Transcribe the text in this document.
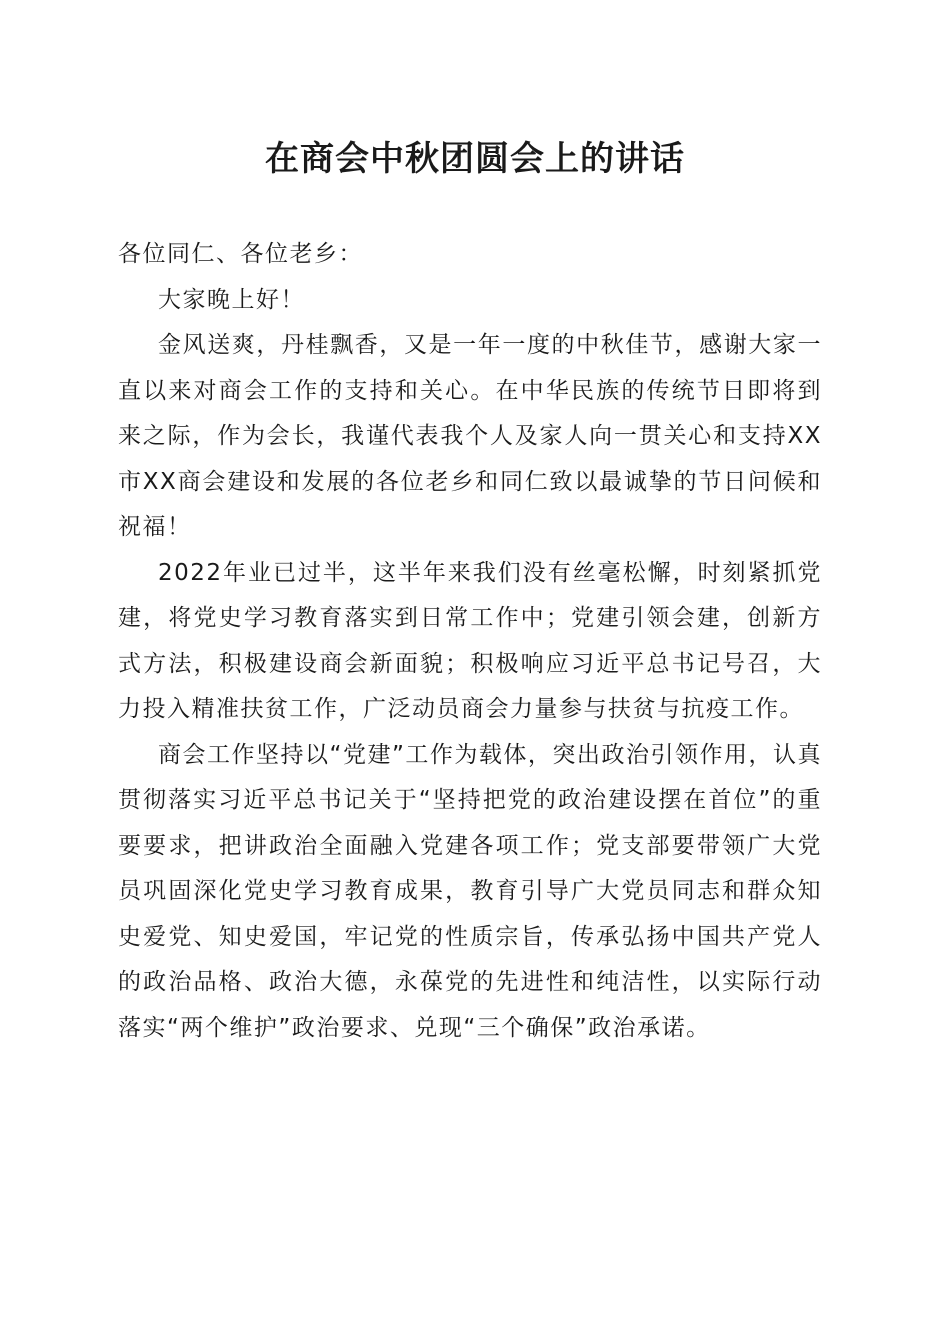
在商会中秋团圆会上的讲话

各位同仁、各位老乡：

大家晚上好！

金风送爽，丹桂飘香，又是一年一度的中秋佳节，感谢大家一直以来对商会工作的支持和关心。在中华民族的传统节日即将到来之际，作为会长，我谨代表我个人及家人向一贯关心和支持XX市XX商会建设和发展的各位老乡和同仁致以最诚挚的节日问候和祝福！

2022年业已过半，这半年来我们没有丝毫松懈，时刻紧抓党建，将党史学习教育落实到日常工作中；党建引领会建，创新方式方法，积极建设商会新面貌；积极响应习近平总书记号召，大力投入精准扶贫工作，广泛动员商会力量参与扶贫与抗疫工作。

商会工作坚持以“党建”工作为载体，突出政治引领作用，认真贯彻落实习近平总书记关于“坚持把党的政治建设摆在首位”的重要要求，把讲政治全面融入党建各项工作；党支部要带领广大党员巩固深化党史学习教育成果，教育引导广大党员同志和群众知史爱党、知史爱国，牢记党的性质宗旨，传承弘扬中国共产党人的政治品格、政治大德，永葆党的先进性和纯洁性，以实际行动落实“两个维护”政治要求、兑现“三个确保”政治承诺。
